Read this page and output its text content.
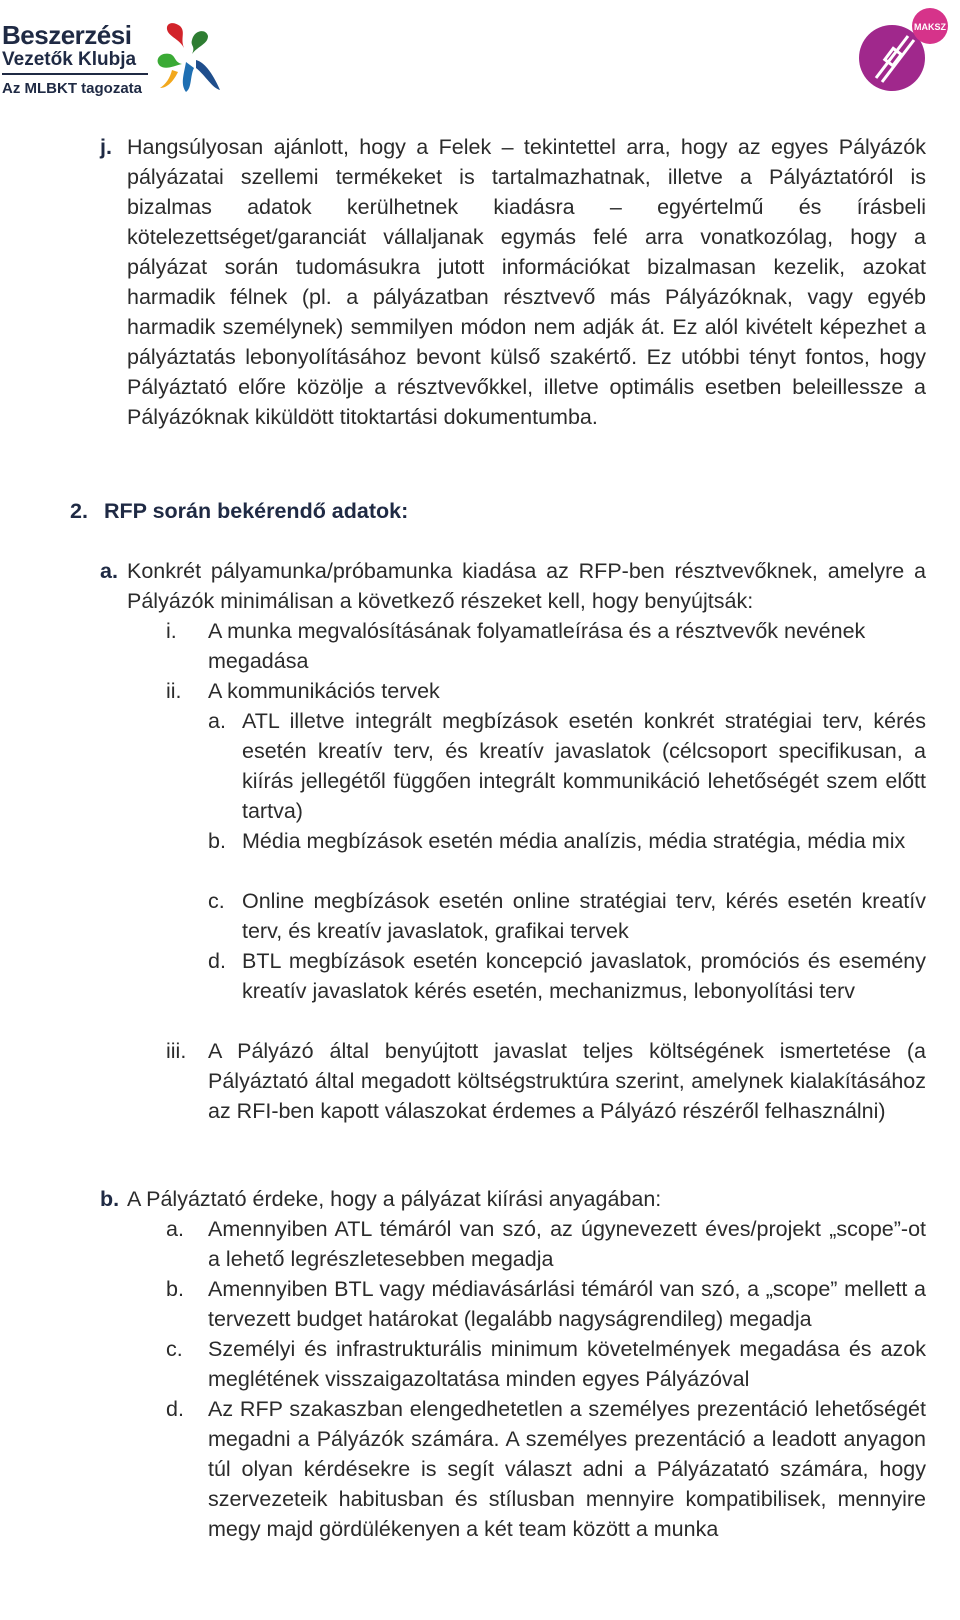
Beszerzési
Vezetők Klubja
Az MLBKT tagozata
MAKSZ
j. Hangsúlyosan ajánlott, hogy a Felek – tekintettel arra, hogy az egyes Pályázók pályázatai szellemi termékeket is tartalmazhatnak, illetve a Pályáztatóról is bizalmas adatok kerülhetnek kiadásra – egyértelmű és írásbeli kötelezettséget/garanciát vállaljanak egymás felé arra vonatkozólag, hogy a pályázat során tudomásukra jutott információkat bizalmasan kezelik, azokat harmadik félnek (pl. a pályázatban résztvevő más Pályázóknak, vagy egyéb harmadik személynek) semmilyen módon nem adják át. Ez alól kivételt képezhet a pályáztatás lebonyolításához bevont külső szakértő. Ez utóbbi tényt fontos, hogy Pályáztató előre közölje a résztvevőkkel, illetve optimális esetben beleillessze a Pályázóknak kiküldött titoktartási dokumentumba.
2. RFP során bekérendő adatok:
a. Konkrét pályamunka/próbamunka kiadása az RFP-ben résztvevőknek, amelyre a Pályázók minimálisan a következő részeket kell, hogy benyújtsák:
i. A munka megvalósításának folyamatleírása és a résztvevők nevének megadása
ii. A kommunikációs tervek
a. ATL illetve integrált megbízások esetén konkrét stratégiai terv, kérés esetén kreatív terv, és kreatív javaslatok (célcsoport specifikusan, a kiírás jellegétől függően integrált kommunikáció lehetőségét szem előtt tartva)
b. Média megbízások esetén média analízis, média stratégia, média mix
c. Online megbízások esetén online stratégiai terv, kérés esetén kreatív terv, és kreatív javaslatok, grafikai tervek
d. BTL megbízások esetén koncepció javaslatok, promóciós és esemény kreatív javaslatok kérés esetén, mechanizmus, lebonyolítási terv
iii. A Pályázó által benyújtott javaslat teljes költségének ismertetése (a Pályáztató által megadott költségstruktúra szerint, amelynek kialakításához az RFI-ben kapott válaszokat érdemes a Pályázó részéről felhasználni)
b. A Pályáztató érdeke, hogy a pályázat kiírási anyagában:
a. Amennyiben ATL témáról van szó, az úgynevezett éves/projekt „scope”-ot a lehető legrészletesebben megadja
b. Amennyiben BTL vagy médiavásárlási témáról van szó, a „scope” mellett a tervezett budget határokat (legalább nagyságrendileg) megadja
c. Személyi és infrastrukturális minimum követelmények megadása és azok meglétének visszaigazoltatása minden egyes Pályázóval
d. Az RFP szakaszban elengedhetetlen a személyes prezentáció lehetőségét megadni a Pályázók számára. A személyes prezentáció a leadott anyagon túl olyan kérdésekre is segít választ adni a Pályázatató számára, hogy szervezeteik habitusban és stílusban mennyire kompatibilisek, mennyire megy majd gördülékenyen a két team között a munka
